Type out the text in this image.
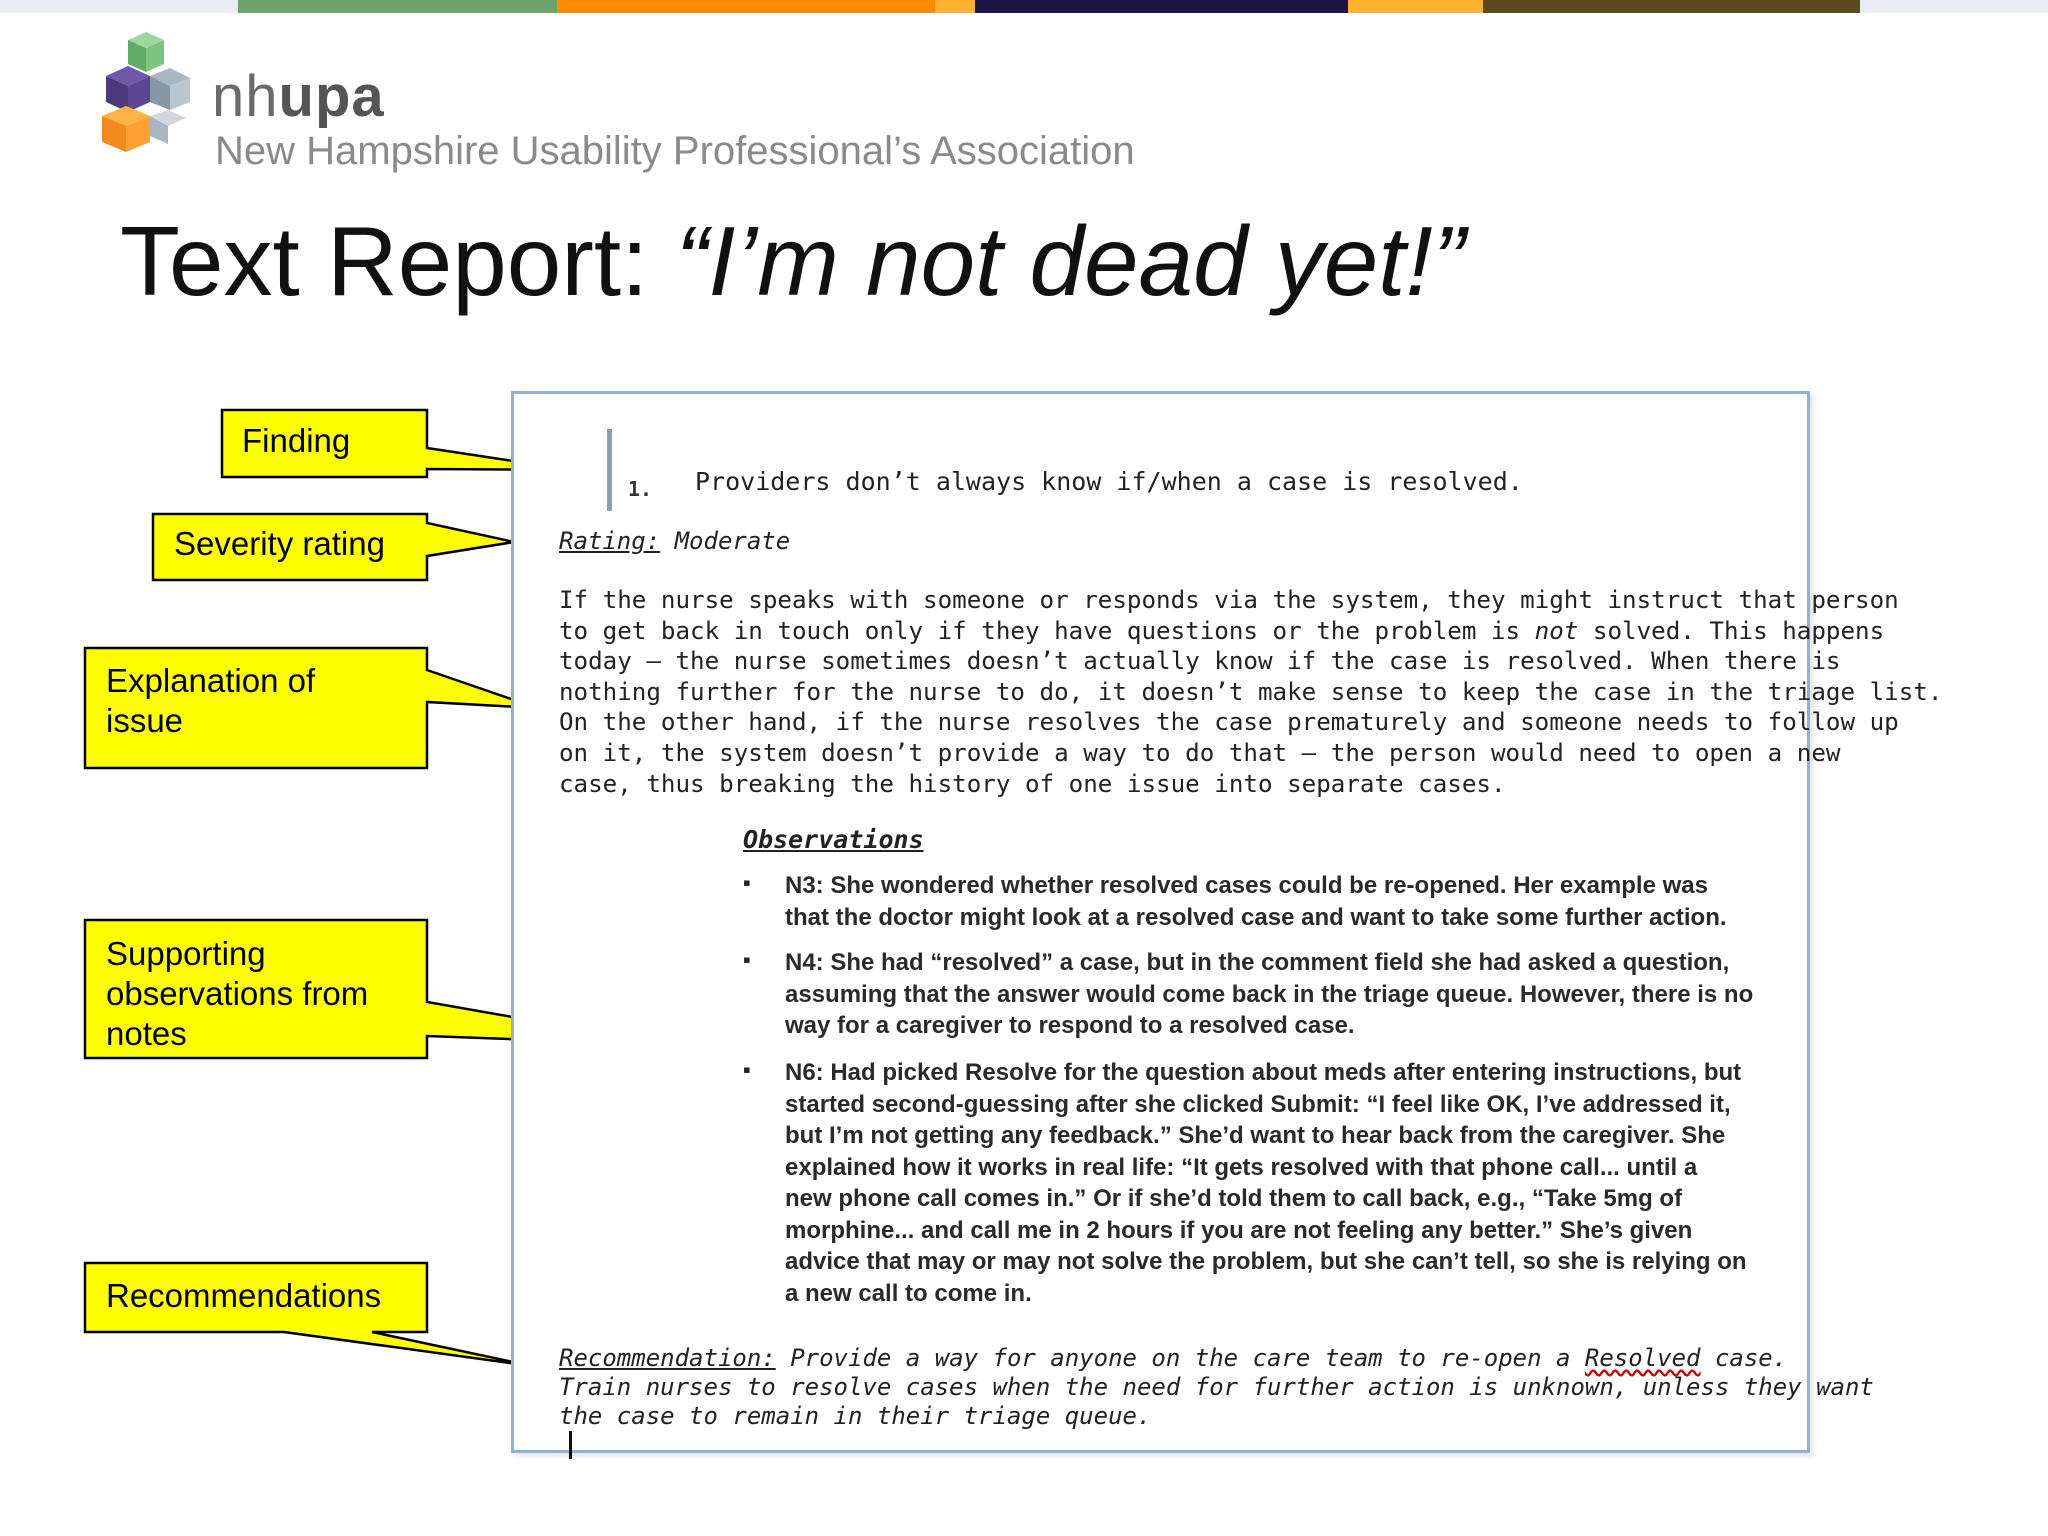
nhupa
New Hampshire Usability Professional’s Association
Text Report: “I’m not dead yet!”
Finding
Severity rating
Explanation of
issue
Supporting
observations from
notes
Recommendations
1. Providers don’t always know if/when a case is resolved.
Rating: Moderate
If the nurse speaks with someone or responds via the system, they might instruct that person
to get back in touch only if they have questions or the problem is not solved. This happens
today – the nurse sometimes doesn’t actually know if the case is resolved. When there is
nothing further for the nurse to do, it doesn’t make sense to keep the case in the triage list.
On the other hand, if the nurse resolves the case prematurely and someone needs to follow up
on it, the system doesn’t provide a way to do that – the person would need to open a new
case, thus breaking the history of one issue into separate cases.
Observations
▪ N3: She wondered whether resolved cases could be re-opened. Her example was
that the doctor might look at a resolved case and want to take some further action.
▪ N4: She had “resolved” a case, but in the comment field she had asked a question,
assuming that the answer would come back in the triage queue. However, there is no
way for a caregiver to respond to a resolved case.
▪ N6: Had picked Resolve for the question about meds after entering instructions, but
started second-guessing after she clicked Submit: “I feel like OK, I’ve addressed it,
but I’m not getting any feedback.” She’d want to hear back from the caregiver. She
explained how it works in real life: “It gets resolved with that phone call... until a
new phone call comes in.” Or if she’d told them to call back, e.g., “Take 5mg of
morphine... and call me in 2 hours if you are not feeling any better.” She’s given
advice that may or may not solve the problem, but she can’t tell, so she is relying on
a new call to come in.
Recommendation: Provide a way for anyone on the care team to re-open a Resolved case.
Train nurses to resolve cases when the need for further action is unknown, unless they want
the case to remain in their triage queue.
